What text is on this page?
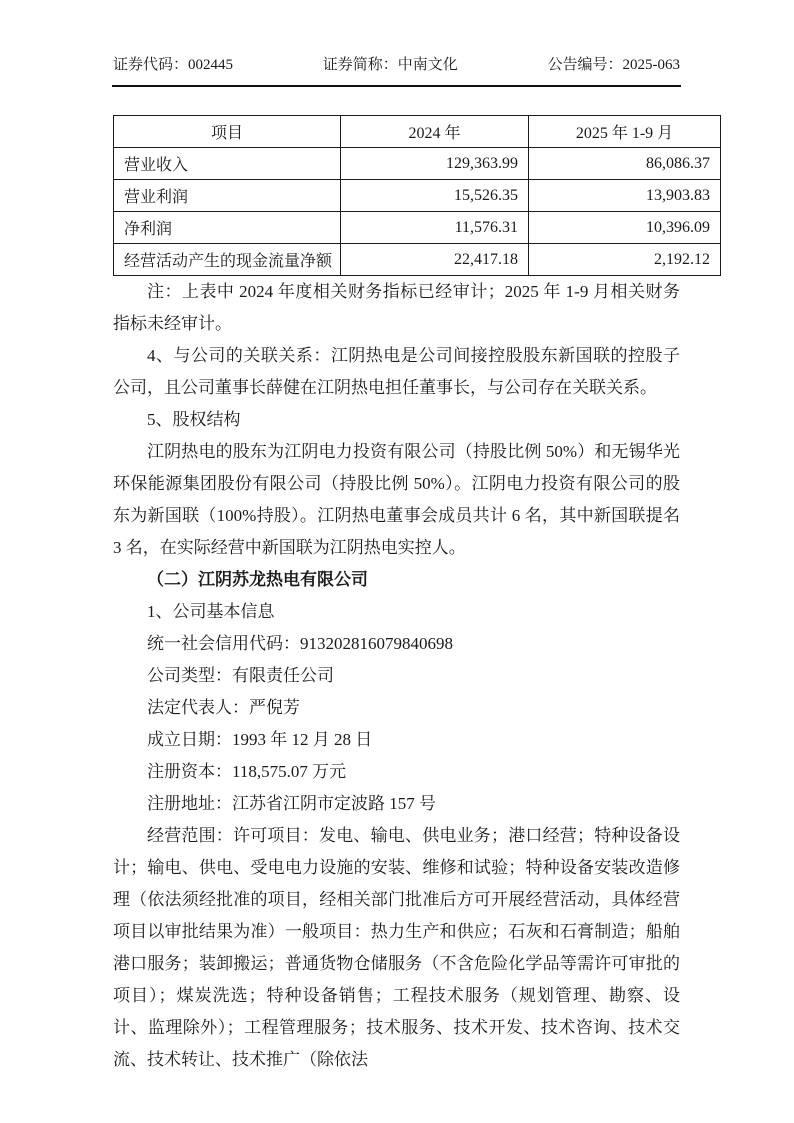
证券代码：002445	证券简称：中南文化	公告编号：2025-063
项目	2024 年	2025 年 1-9 月
营业收入	129,363.99	86,086.37
营业利润	15,526.35	13,903.83
净利润	11,576.31	10,396.09
经营活动产生的现金流量净额	22,417.18	2,192.12

注：上表中 2024 年度相关财务指标已经审计；2025 年 1-9 月相关财务指标未经审计。

4、与公司的关联关系：江阴热电是公司间接控股股东新国联的控股子公司，且公司董事长薛健在江阴热电担任董事长，与公司存在关联关系。

5、股权结构

江阴热电的股东为江阴电力投资有限公司（持股比例 50%）和无锡华光环保能源集团股份有限公司（持股比例 50%）。江阴电力投资有限公司的股东为新国联（100%持股）。江阴热电董事会成员共计 6 名，其中新国联提名 3 名，在实际经营中新国联为江阴热电实控人。

（二）江阴苏龙热电有限公司

1、公司基本信息

统一社会信用代码：913202816079840698

公司类型：有限责任公司

法定代表人：严倪芳

成立日期：1993 年 12 月 28 日

注册资本：118,575.07 万元

注册地址：江苏省江阴市定波路 157 号

经营范围：许可项目：发电、输电、供电业务；港口经营；特种设备设计；输电、供电、受电电力设施的安装、维修和试验；特种设备安装改造修理（依法须经批准的项目，经相关部门批准后方可开展经营活动，具体经营项目以审批结果为准）一般项目：热力生产和供应；石灰和石膏制造；船舶港口服务；装卸搬运；普通货物仓储服务（不含危险化学品等需许可审批的项目）；煤炭洗选；特种设备销售；工程技术服务（规划管理、勘察、设计、监理除外）；工程管理服务；技术服务、技术开发、技术咨询、技术交流、技术转让、技术推广（除依法
